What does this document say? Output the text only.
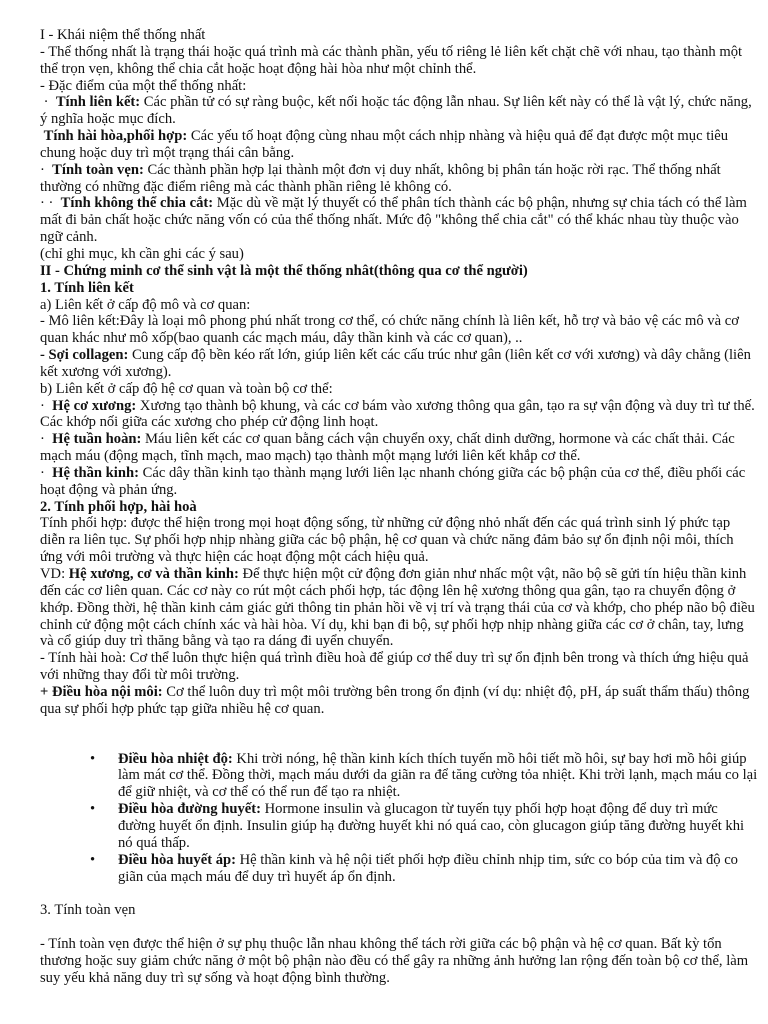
I - Khái niệm thể thống nhất

- Thể thống nhất là trạng thái hoặc quá trình mà các thành phần, yếu tố riêng lẻ liên kết chặt chẽ với nhau, tạo thành một thể trọn vẹn, không thể chia cắt hoặc hoạt động hài hòa như một chỉnh thể.

- Đặc điểm của một thể thống nhất:

·  Tính liên kết: Các phần tử có sự ràng buộc, kết nối hoặc tác động lẫn nhau. Sự liên kết này có thể là vật lý, chức năng, ý nghĩa hoặc mục đích.

Tính hài hòa,phối hợp: Các yếu tố hoạt động cùng nhau một cách nhịp nhàng và hiệu quả để đạt được một mục tiêu chung hoặc duy trì một trạng thái cân bằng.

·  Tính toàn vẹn: Các thành phần hợp lại thành một đơn vị duy nhất, không bị phân tán hoặc rời rạc. Thể thống nhất thường có những đặc điểm riêng mà các thành phần riêng lẻ không có.

· ·  Tính không thể chia cắt: Mặc dù về mặt lý thuyết có thể phân tích thành các bộ phận, nhưng sự chia tách có thể làm mất đi bản chất hoặc chức năng vốn có của thể thống nhất. Mức độ "không thể chia cắt" có thể khác nhau tùy thuộc vào ngữ cảnh.

(chỉ ghi mục, kh cần ghi các ý sau)

II - Chứng minh cơ thể sinh vật là một thể thống nhât(thông qua cơ thể người)

1. Tính liên kết

a) Liên kết ở cấp độ mô và cơ quan:

- Mô liên kết:Đây là loại mô phong phú nhất trong cơ thể, có chức năng chính là liên kết, hỗ trợ và bảo vệ các mô và cơ quan khác như mô xốp(bao quanh các mạch máu, dây thần kinh và các cơ quan), ..

- Sợi collagen: Cung cấp độ bền kéo rất lớn, giúp liên kết các cấu trúc như gân (liên kết cơ với xương) và dây chằng (liên kết xương với xương).

b) Liên kết ở cấp độ hệ cơ quan và toàn bộ cơ thể:

·  Hệ cơ xương: Xương tạo thành bộ khung, và các cơ bám vào xương thông qua gân, tạo ra sự vận động và duy trì tư thế. Các khớp nối giữa các xương cho phép cử động linh hoạt.

·  Hệ tuần hoàn: Máu liên kết các cơ quan bằng cách vận chuyển oxy, chất dinh dưỡng, hormone và các chất thải. Các mạch máu (động mạch, tĩnh mạch, mao mạch) tạo thành một mạng lưới liên kết khắp cơ thể.

·  Hệ thần kinh: Các dây thần kinh tạo thành mạng lưới liên lạc nhanh chóng giữa các bộ phận của cơ thể, điều phối các hoạt động và phản ứng.

2. Tính phối hợp, hài hoà

Tính phối hợp: được thể hiện trong mọi hoạt động sống, từ những cử động nhỏ nhất đến các quá trình sinh lý phức tạp diễn ra liên tục. Sự phối hợp nhịp nhàng giữa các bộ phận, hệ cơ quan và chức năng đảm bảo sự ổn định nội môi, thích ứng với môi trường và thực hiện các hoạt động một cách hiệu quả.

VD: Hệ xương, cơ và thần kinh: Để thực hiện một cử động đơn giản như nhấc một vật, não bộ sẽ gửi tín hiệu thần kinh đến các cơ liên quan. Các cơ này co rút một cách phối hợp, tác động lên hệ xương thông qua gân, tạo ra chuyển động ở khớp. Đồng thời, hệ thần kinh cảm giác gửi thông tin phản hồi về vị trí và trạng thái của cơ và khớp, cho phép não bộ điều chỉnh cử động một cách chính xác và hài hòa. Ví dụ, khi bạn đi bộ, sự phối hợp nhịp nhàng giữa các cơ ở chân, tay, lưng và cổ giúp duy trì thăng bằng và tạo ra dáng đi uyển chuyển.

- Tính hài hoà: Cơ thể luôn thực hiện quá trình điều hoà để giúp cơ thể duy trì sự ổn định bên trong và thích ứng hiệu quả với những thay đổi từ môi trường.

+ Điều hòa nội môi: Cơ thể luôn duy trì một môi trường bên trong ổn định (ví dụ: nhiệt độ, pH, áp suất thẩm thấu) thông qua sự phối hợp phức tạp giữa nhiều hệ cơ quan.

• Điều hòa nhiệt độ: Khi trời nóng, hệ thần kinh kích thích tuyến mồ hôi tiết mồ hôi, sự bay hơi mồ hôi giúp làm mát cơ thể. Đồng thời, mạch máu dưới da giãn ra để tăng cường tỏa nhiệt. Khi trời lạnh, mạch máu co lại để giữ nhiệt, và cơ thể có thể run để tạo ra nhiệt.
• Điều hòa đường huyết: Hormone insulin và glucagon từ tuyến tụy phối hợp hoạt động để duy trì mức đường huyết ổn định. Insulin giúp hạ đường huyết khi nó quá cao, còn glucagon giúp tăng đường huyết khi nó quá thấp.
• Điều hòa huyết áp: Hệ thần kinh và hệ nội tiết phối hợp điều chỉnh nhịp tim, sức co bóp của tim và độ co giãn của mạch máu để duy trì huyết áp ổn định.

3. Tính toàn vẹn

- Tính toàn vẹn được thể hiện ở sự phụ thuộc lẫn nhau không thể tách rời giữa các bộ phận và hệ cơ quan. Bất kỳ tổn thương hoặc suy giảm chức năng ở một bộ phận nào đều có thể gây ra những ảnh hưởng lan rộng đến toàn bộ cơ thể, làm suy yếu khả năng duy trì sự sống và hoạt động bình thường.
